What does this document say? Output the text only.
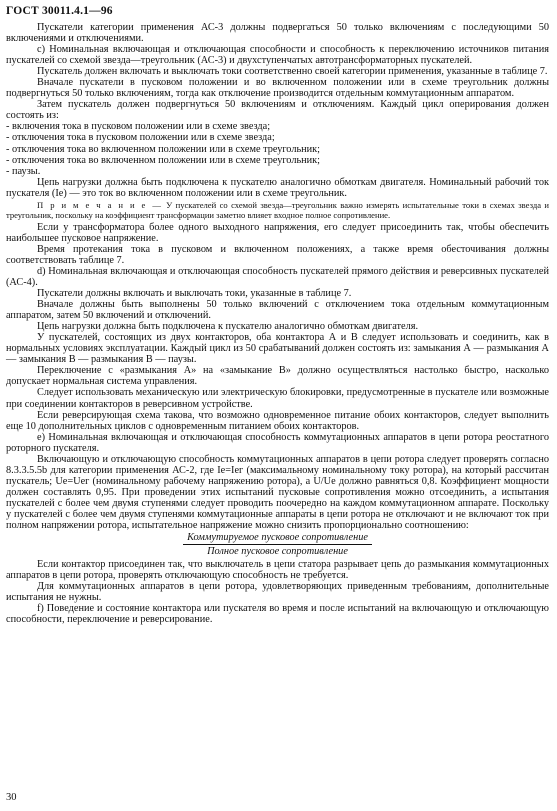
ГОСТ 30011.4.1—96

Пускатели категории применения АС-3 должны подвергаться 50 только включениям с последующими 50 включениями и отключениями.

c) Номинальная включающая и отключающая способности и способность к переключению источников питания пускателей со схемой звезда—треугольник (АС-3) и двухступенчатых автотрансформаторных пускателей.

Пускатель должен включать и выключать токи соответственно своей категории применения, указанные в таблице 7.

Вначале пускатели в пусковом положении и во включенном положении или в схеме треугольник должны подвергнуться 50 только включениям, тогда как отключение производится отдельным коммутационным аппаратом.

Затем пускатель должен подвергнуться 50 включениям и отключениям. Каждый цикл оперирования должен состоять из:

- включения тока в пусковом положении или в схеме звезда;

- отключения тока в пусковом положении или в схеме звезда;

- отключения тока во включенном положении или в схеме треугольник;

- отключения тока во включенном положении или в схеме треугольник;

- паузы.

Цепь нагрузки должна быть подключена к пускателю аналогично обмоткам двигателя. Номинальный рабочий ток пускателя (Iе) — это ток во включенном положении или в схеме треугольник.

П р и м е ч а н и е — У пускателей со схемой звезда—треугольник важно измерять испытательные токи в схемах звезда и треугольник, поскольку на коэффициент трансформации заметно влияет входное полное сопротивление.

Если у трансформатора более одного выходного напряжения, его следует присоединить так, чтобы обеспечить наибольшее пусковое напряжение.

Время протекания тока в пусковом и включенном положениях, а также время обесточивания должны соответствовать таблице 7.

d) Номинальная включающая и отключающая способность пускателей прямого действия и реверсивных пускателей (АС-4).

Пускатели должны включать и выключать токи, указанные в таблице 7.

Вначале должны быть выполнены 50 только включений с отключением тока отдельным коммутационным аппаратом, затем 50 включений и отключений.

Цепь нагрузки должна быть подключена к пускателю аналогично обмоткам двигателя.

У пускателей, состоящих из двух контакторов, оба контактора А и В следует использовать и соединить, как в нормальных условиях эксплуатации. Каждый цикл из 50 срабатываний должен состоять из: замыкания А — размыкания А — замыкания В — размыкания В — паузы.

Переключение с «размыкания А» на «замыкание В» должно осуществляться настолько быстро, насколько допускает нормальная система управления.

Следует использовать механическую или электрическую блокировки, предусмотренные в пускателе или возможные при соединении контакторов в реверсивном устройстве.

Если реверсирующая схема такова, что возможно одновременное питание обоих контакторов, следует выполнить еще 10 дополнительных циклов с одновременным питанием обоих контакторов.

e) Номинальная включающая и отключающая способность коммутационных аппаратов в цепи ротора реостатного роторного пускателя.

Включающую и отключающую способность коммутационных аппаратов в цепи ротора следует проверять согласно 8.3.3.5.5b для категории применения АС-2, где Iе=Iег (максимальному номинальному току ротора), на который рассчитан пускатель; Uе=Uег (номинальному рабочему напряжению ротора), а U/Uе должно равняться 0,8. Коэффициент мощности должен составлять 0,95. При проведении этих испытаний пусковые сопротивления можно отсоединить, а испытания пускателей с более чем двумя ступенями следует проводить поочередно на каждом коммутационном аппарате. Поскольку у пускателей с более чем двумя ступенями коммутационные аппараты в цепи ротора не отключают и не включают ток при полном напряжении ротора, испытательное напряжение можно снизить пропорционально соотношению:

Коммутируемое пусковое сопротивление
Полное пусковое сопротивление

Если контактор присоединен так, что выключатель в цепи статора разрывает цепь до размыкания коммутационных аппаратов в цепи ротора, проверять отключающую способность не требуется.

Для коммутационных аппаратов в цепи ротора, удовлетворяющих приведенным требованиям, дополнительные испытания не нужны.

f) Поведение и состояние контактора или пускателя во время и после испытаний на включающую и отключающую способности, переключение и реверсирование.

30
